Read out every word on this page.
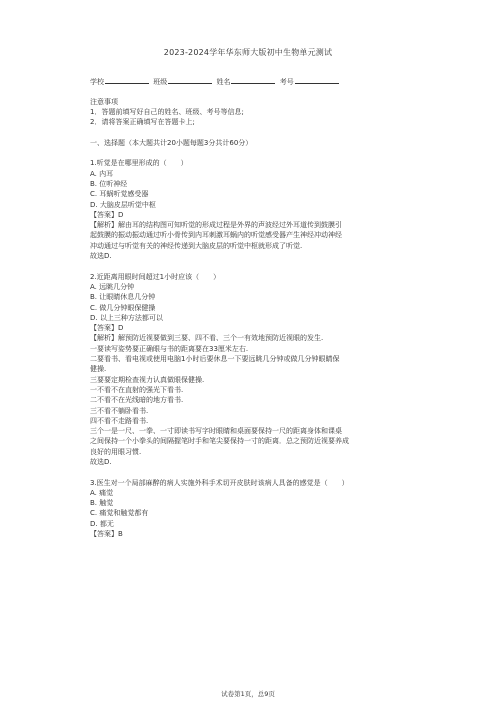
2023-2024学年华东师大版初中生物单元测试
学校	班级	姓名	考号
注意事项
1．答题前填写好自己的姓名、班级、考号等信息;
2．请将答案正确填写在答题卡上;
一、选择题（本大题共计20小题每题3分共计60分）
1.听觉是在哪里形成的（　　）
A. 内耳
B. 位听神经
C. 耳蜗听觉感受器
D. 大脑皮层听觉中枢
【答案】D
【解析】解由耳的结构图可知听觉的形成过程是外界的声波经过外耳道传到鼓膜引
起鼓膜的振动振动通过听小骨传到内耳刺激耳蜗内的听觉感受器产生神经冲动神经
冲动通过与听觉有关的神经传递到大脑皮层的听觉中枢就形成了听觉.
故选D.
2.近距离用眼时间超过1小时应该（　　）
A. 远眺几分钟
B. 让眼睛休息几分钟
C. 做几分钟眼保健操
D. 以上三种方法都可以
【答案】D
【解析】解预防近视要做到三要、四不看、三个一有效地预防近视眼的发生.
一要读写姿势要正确眼与书的距离要在33厘米左右.
二要看书、看电视或使用电脑1小时后要休息一下要远眺几分钟或做几分钟眼睛保
健操.
三要要定期检查视力认真做眼保健操.
一不看不在直射的强光下看书.
二不看不在光线暗的地方看书.
三不看不躺卧看书.
四不看不走路看书.
三个一是一尺、一拳、一寸即读书写字时眼睛和桌面要保持一尺的距离身体和课桌
之间保持一个小拳头的间隔握笔时手和笔尖要保持一寸的距离．总之预防近视要养成
良好的用眼习惯.
故选D.
3.医生对一个局部麻醉的病人实施外科手术切开皮肤时该病人具备的感觉是（　　）
A. 痛觉
B. 触觉
C. 痛觉和触觉都有
D. 都无
【答案】B
试卷第1页，总9页
